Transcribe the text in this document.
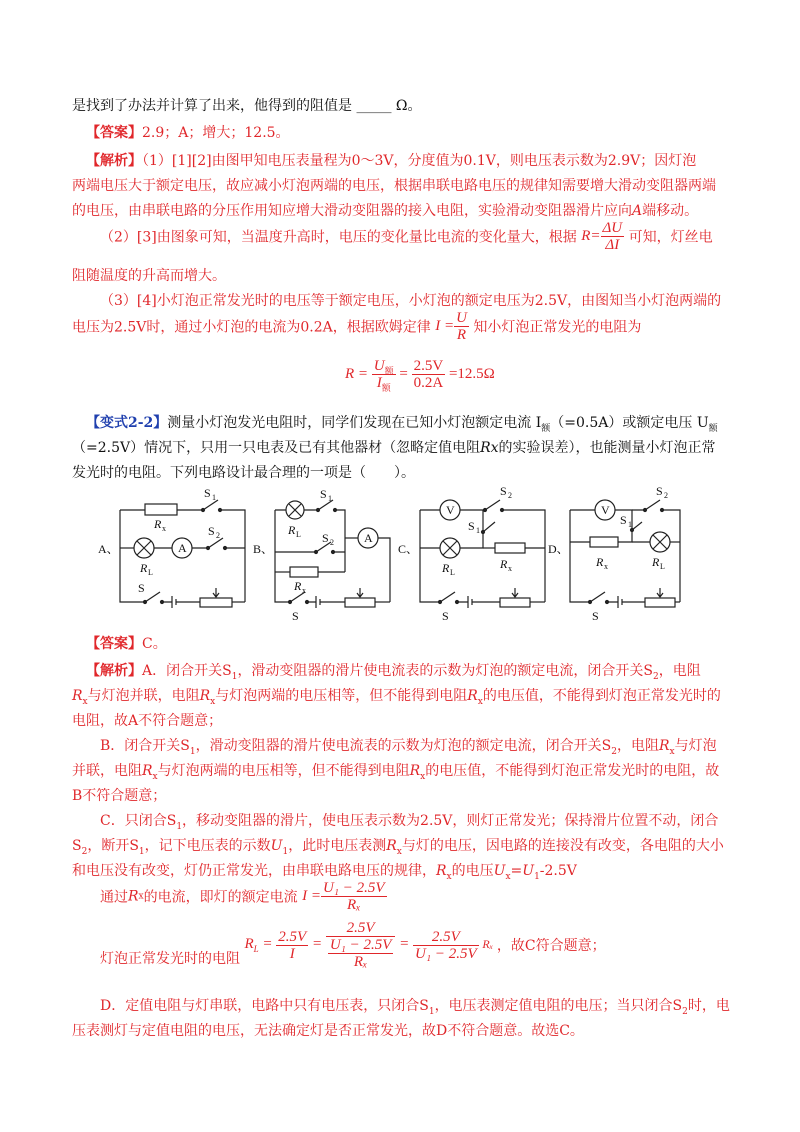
是找到了办法并计算了出来，他得到的阻值是 _____ Ω。
【答案】2.9；A；增大；12.5。
【解析】（1）[1][2]由图甲知电压表量程为0～3V，分度值为0.1V，则电压表示数为2.9V；因灯泡
两端电压大于额定电压，故应减小灯泡两端的电压，根据串联电路电压的规律知需要增大滑动变阻器两端
的电压，由串联电路的分压作用知应增大滑动变阻器的接入电阻，实验滑动变阻器滑片应向A端移动。
（2）[3]由图象可知，当温度升高时，电压的变化量比电流的变化量大，根据 $R= \frac{\Delta U}{\Delta I}$ 可知，灯丝电
阻随温度的升高而增大。
（3）[4]小灯泡正常发光时的电压等于额定电压，小灯泡的额定电压为2.5V，由图知当小灯泡两端的
电压为2.5V时，通过小灯泡的电流为0.2A，根据欧姆定律 $I = \frac{U}{R}$ 知小灯泡正常发光的电阻为
$R = \frac{U_额}{I_额} = \frac{2.5V}{0.2A} =12.5\Omega$
【变式2-2】测量小灯泡发光电阻时，同学们发现在已知小灯泡额定电流 $I_额(=0.5A)$或额定电压 $U_额$
（=2.5V）情况下，只用一只电表及已有其他器材（忽略定值电阻Rx的实验误差），也能测量小灯泡正常
发光时的电阻。下列电路设计最合理的一项是（　　）。
A、	B、	C、	D、
S 1
R x
A
S 2
R L
S
S 1
R L S 2	A
R x
S
V
S 2
S 1
R L
R x
S
V
S 2
S 1
R x	R L
S
【答案】C。
【解析】A．闭合开关$S_1$，滑动变阻器的滑片使电流表的示数为灯泡的额定电流，闭合开关$S_2$，电阻
$R_x$与灯泡并联，电阻$R_x$与灯泡两端的电压相等，但不能得到电阻$R_x$的电压值，不能得到灯泡正常发光时的
电阻，故A不符合题意；
B．闭合开关$S_1$，滑动变阻器的滑片使电流表的示数为灯泡的额定电流，闭合开关$S_2$，电阻$R_x$与灯泡
并联，电阻$R_x$与灯泡两端的电压相等，但不能得到电阻$R_x$的电压值，不能得到灯泡正常发光时的电阻，故
B不符合题意；
C．只闭合$S_1$，移动变阻器的滑片，使电压表示数为2.5V，则灯正常发光；保持滑片位置不动，闭合
$S_2$，断开$S_1$，记下电压表的示数$U_1$，此时电压表测$R_x$与灯的电压，因电路的连接没有改变，各电阻的大小
和电压没有改变，灯仍正常发光，由串联电路电压的规律，$R_x$的电压$U_x=U_1-2.5V$
通过Rx的电流，即灯的额定电流 $I = \frac{\text{U₁ − 2.5V}}{\text{Rₓ}}$
灯泡正常发光时的电阻 $R_L = \frac{2.5V}{I} = \frac{2.5V}{\frac{\text{U₁ − 2.5V}}{\text{Rₓ}}} = \frac{2.5V}{\text{U₁ − 2.5V}}$ Rₓ ，故C符合题意；
D．定值电阻与灯串联，电路中只有电压表，只闭合$S_1$，电压表测定值电阻的电压；当只闭合$S_2$时，电
压表测灯与定值电阻的电压，无法确定灯是否正常发光，故D不符合题意。故选C。
